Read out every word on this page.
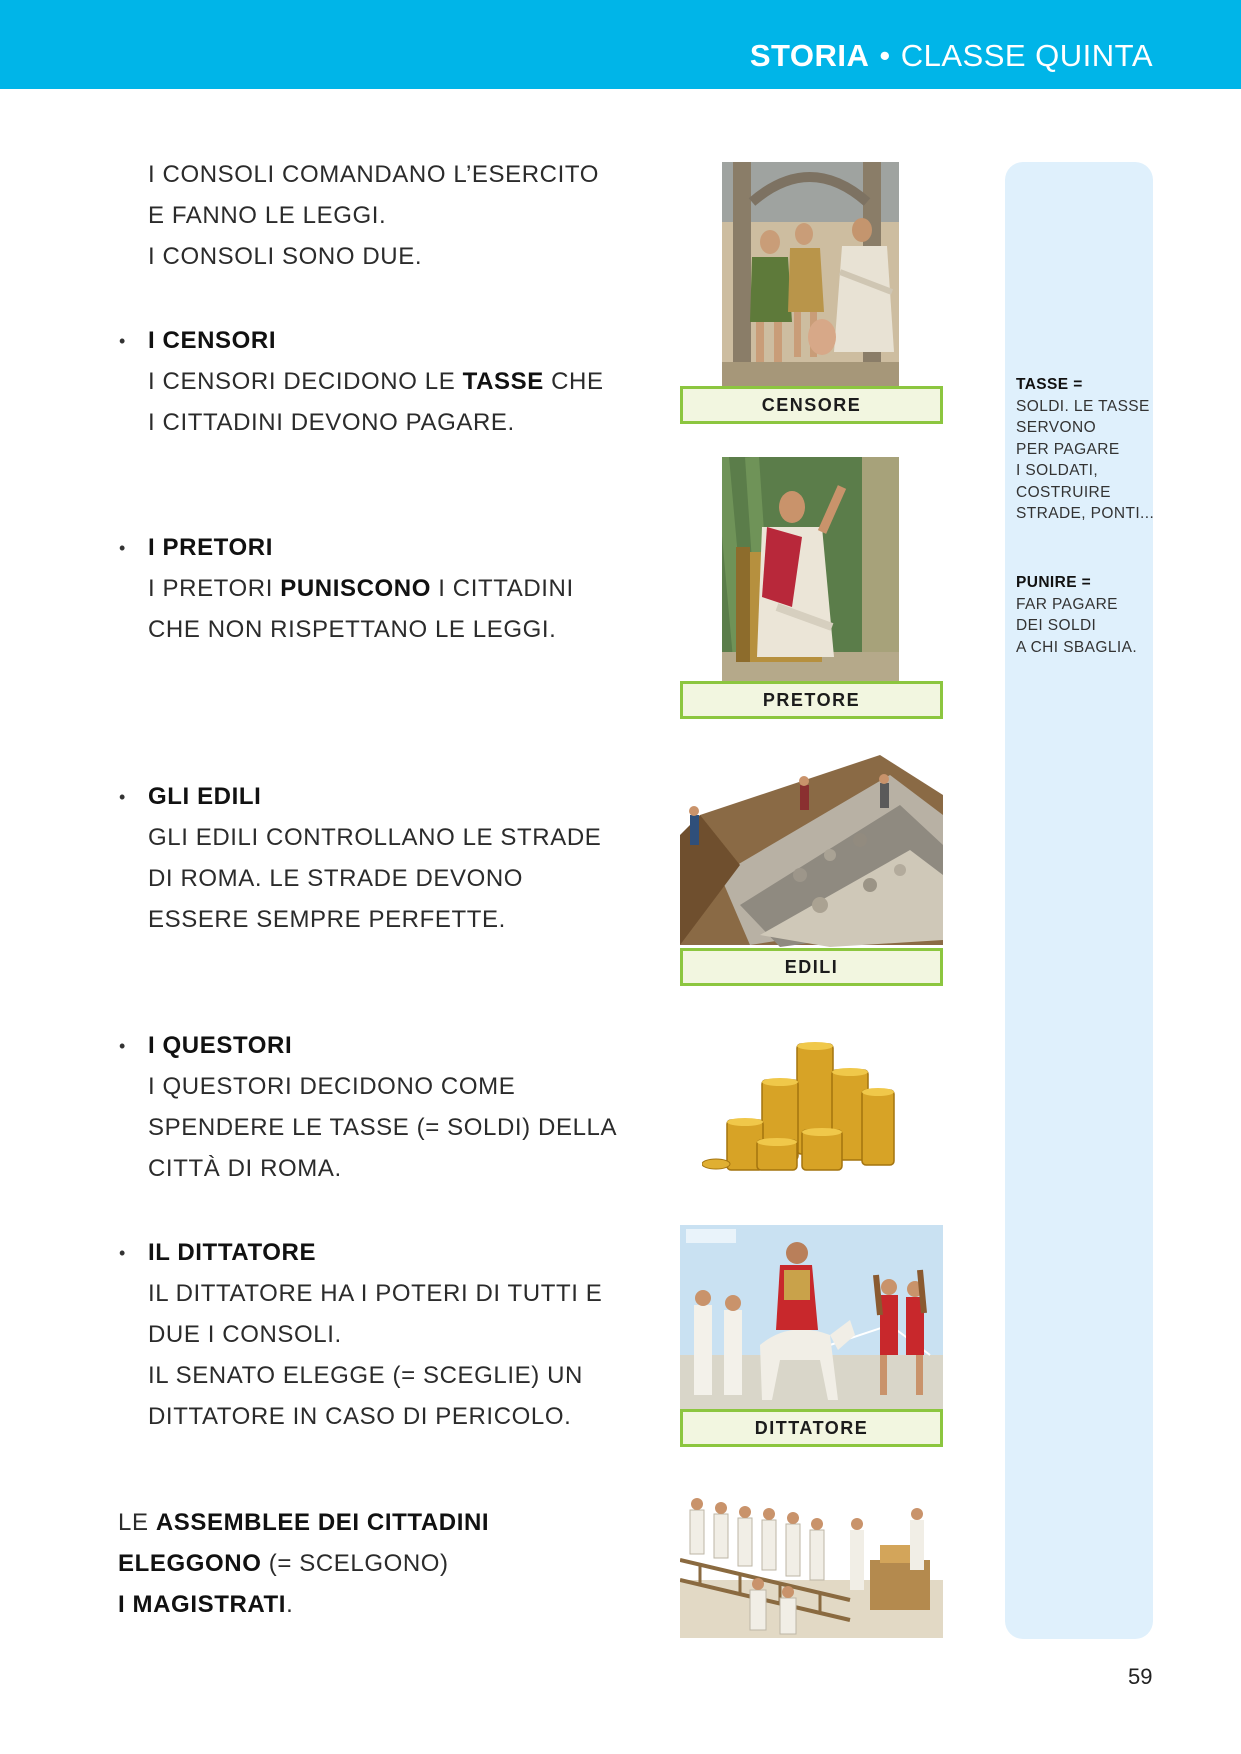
STORIA • CLASSE QUINTA
TASSE =
SOLDI. LE TASSE
SERVONO
PER PAGARE
I SOLDATI,
COSTRUIRE
STRADE, PONTI...
PUNIRE =
FAR PAGARE
DEI SOLDI
A CHI SBAGLIA.

I CONSOLI COMANDANO L’ESERCITO

E FANNO LE LEGGI.

I CONSOLI SONO DUE.

• I CENSORI

I CENSORI DECIDONO LE TASSE CHE

I CITTADINI DEVONO PAGARE.

• I PRETORI

I PRETORI PUNISCONO I CITTADINI

CHE NON RISPETTANO LE LEGGI.

• GLI EDILI

GLI EDILI CONTROLLANO LE STRADE

DI ROMA. LE STRADE DEVONO

ESSERE SEMPRE PERFETTE.

• I QUESTORI

I QUESTORI DECIDONO COME

SPENDERE LE TASSE (= SOLDI) DELLA

CITTÀ DI ROMA.

• IL DITTATORE

IL DITTATORE HA I POTERI DI TUTTI E

DUE I CONSOLI.

IL SENATO ELEGGE (= SCEGLIE) UN

DITTATORE IN CASO DI PERICOLO.

LE ASSEMBLEE DEI CITTADINI

ELEGGONO (= SCELGONO)

I MAGISTRATI.

CENSORE
PRETORE
EDILI
DITTATORE
59
